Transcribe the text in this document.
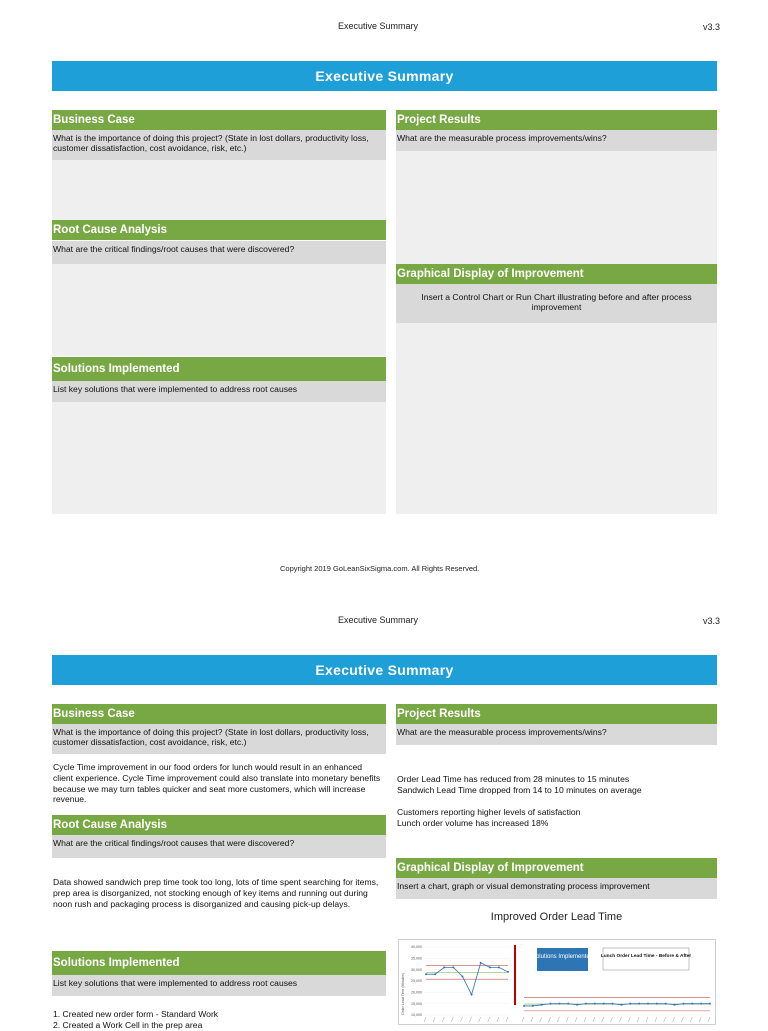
Executive Summary	v3.3
Executive Summary
Business Case
What is the importance of doing this project? (State in lost dollars, productivity loss, customer dissatisfaction, cost avoidance, risk, etc.)
Root Cause Analysis
What are the critical findings/root causes that were discovered?
Solutions Implemented
List key solutions that were implemented to address root causes
Project Results
What are the measurable process improvements/wins?
Graphical Display of Improvement
Insert a Control Chart or Run Chart illustrating before and after process improvement
Copyright 2019 GoLeanSixSigma.com. All Rights Reserved.
Executive Summary	v3.3
Executive Summary
Business Case
What is the importance of doing this project? (State in lost dollars, productivity loss, customer dissatisfaction, cost avoidance, risk, etc.)
Cycle Time improvement in our food orders for lunch would result in an enhanced client experience. Cycle Time improvement could also translate into monetary benefits because we may turn tables quicker and seat more customers, which will increase revenue.
Root Cause Analysis
What are the critical findings/root causes that were discovered?
Data showed sandwich prep time took too long, lots of time spent searching for items, prep area is disorganized, not stocking enough of key items and running out during noon rush and packaging process is disorganized and causing pick-up delays.
Solutions Implemented
List key solutions that were implemented to address root causes
1. Created new order form - Standard Work
2. Created a Work Cell in the prep area
Project Results
What are the measurable process improvements/wins?
Order Lead Time has reduced from 28 minutes to 15 minutes
Sandwich Lead Time dropped from 14 to 10 minutes on average
Customers reporting higher levels of satisfaction
Lunch order volume has increased 18%
Graphical Display of Improvement
Insert a chart, graph or visual demonstrating process improvement
Improved Order Lead Time
40,000
35,000
30,000
25,000
20,000
15,000
10,000
Order Lead Time (Minutes)
Solutions Implemented Lunch Order Lead Time - Before & After
